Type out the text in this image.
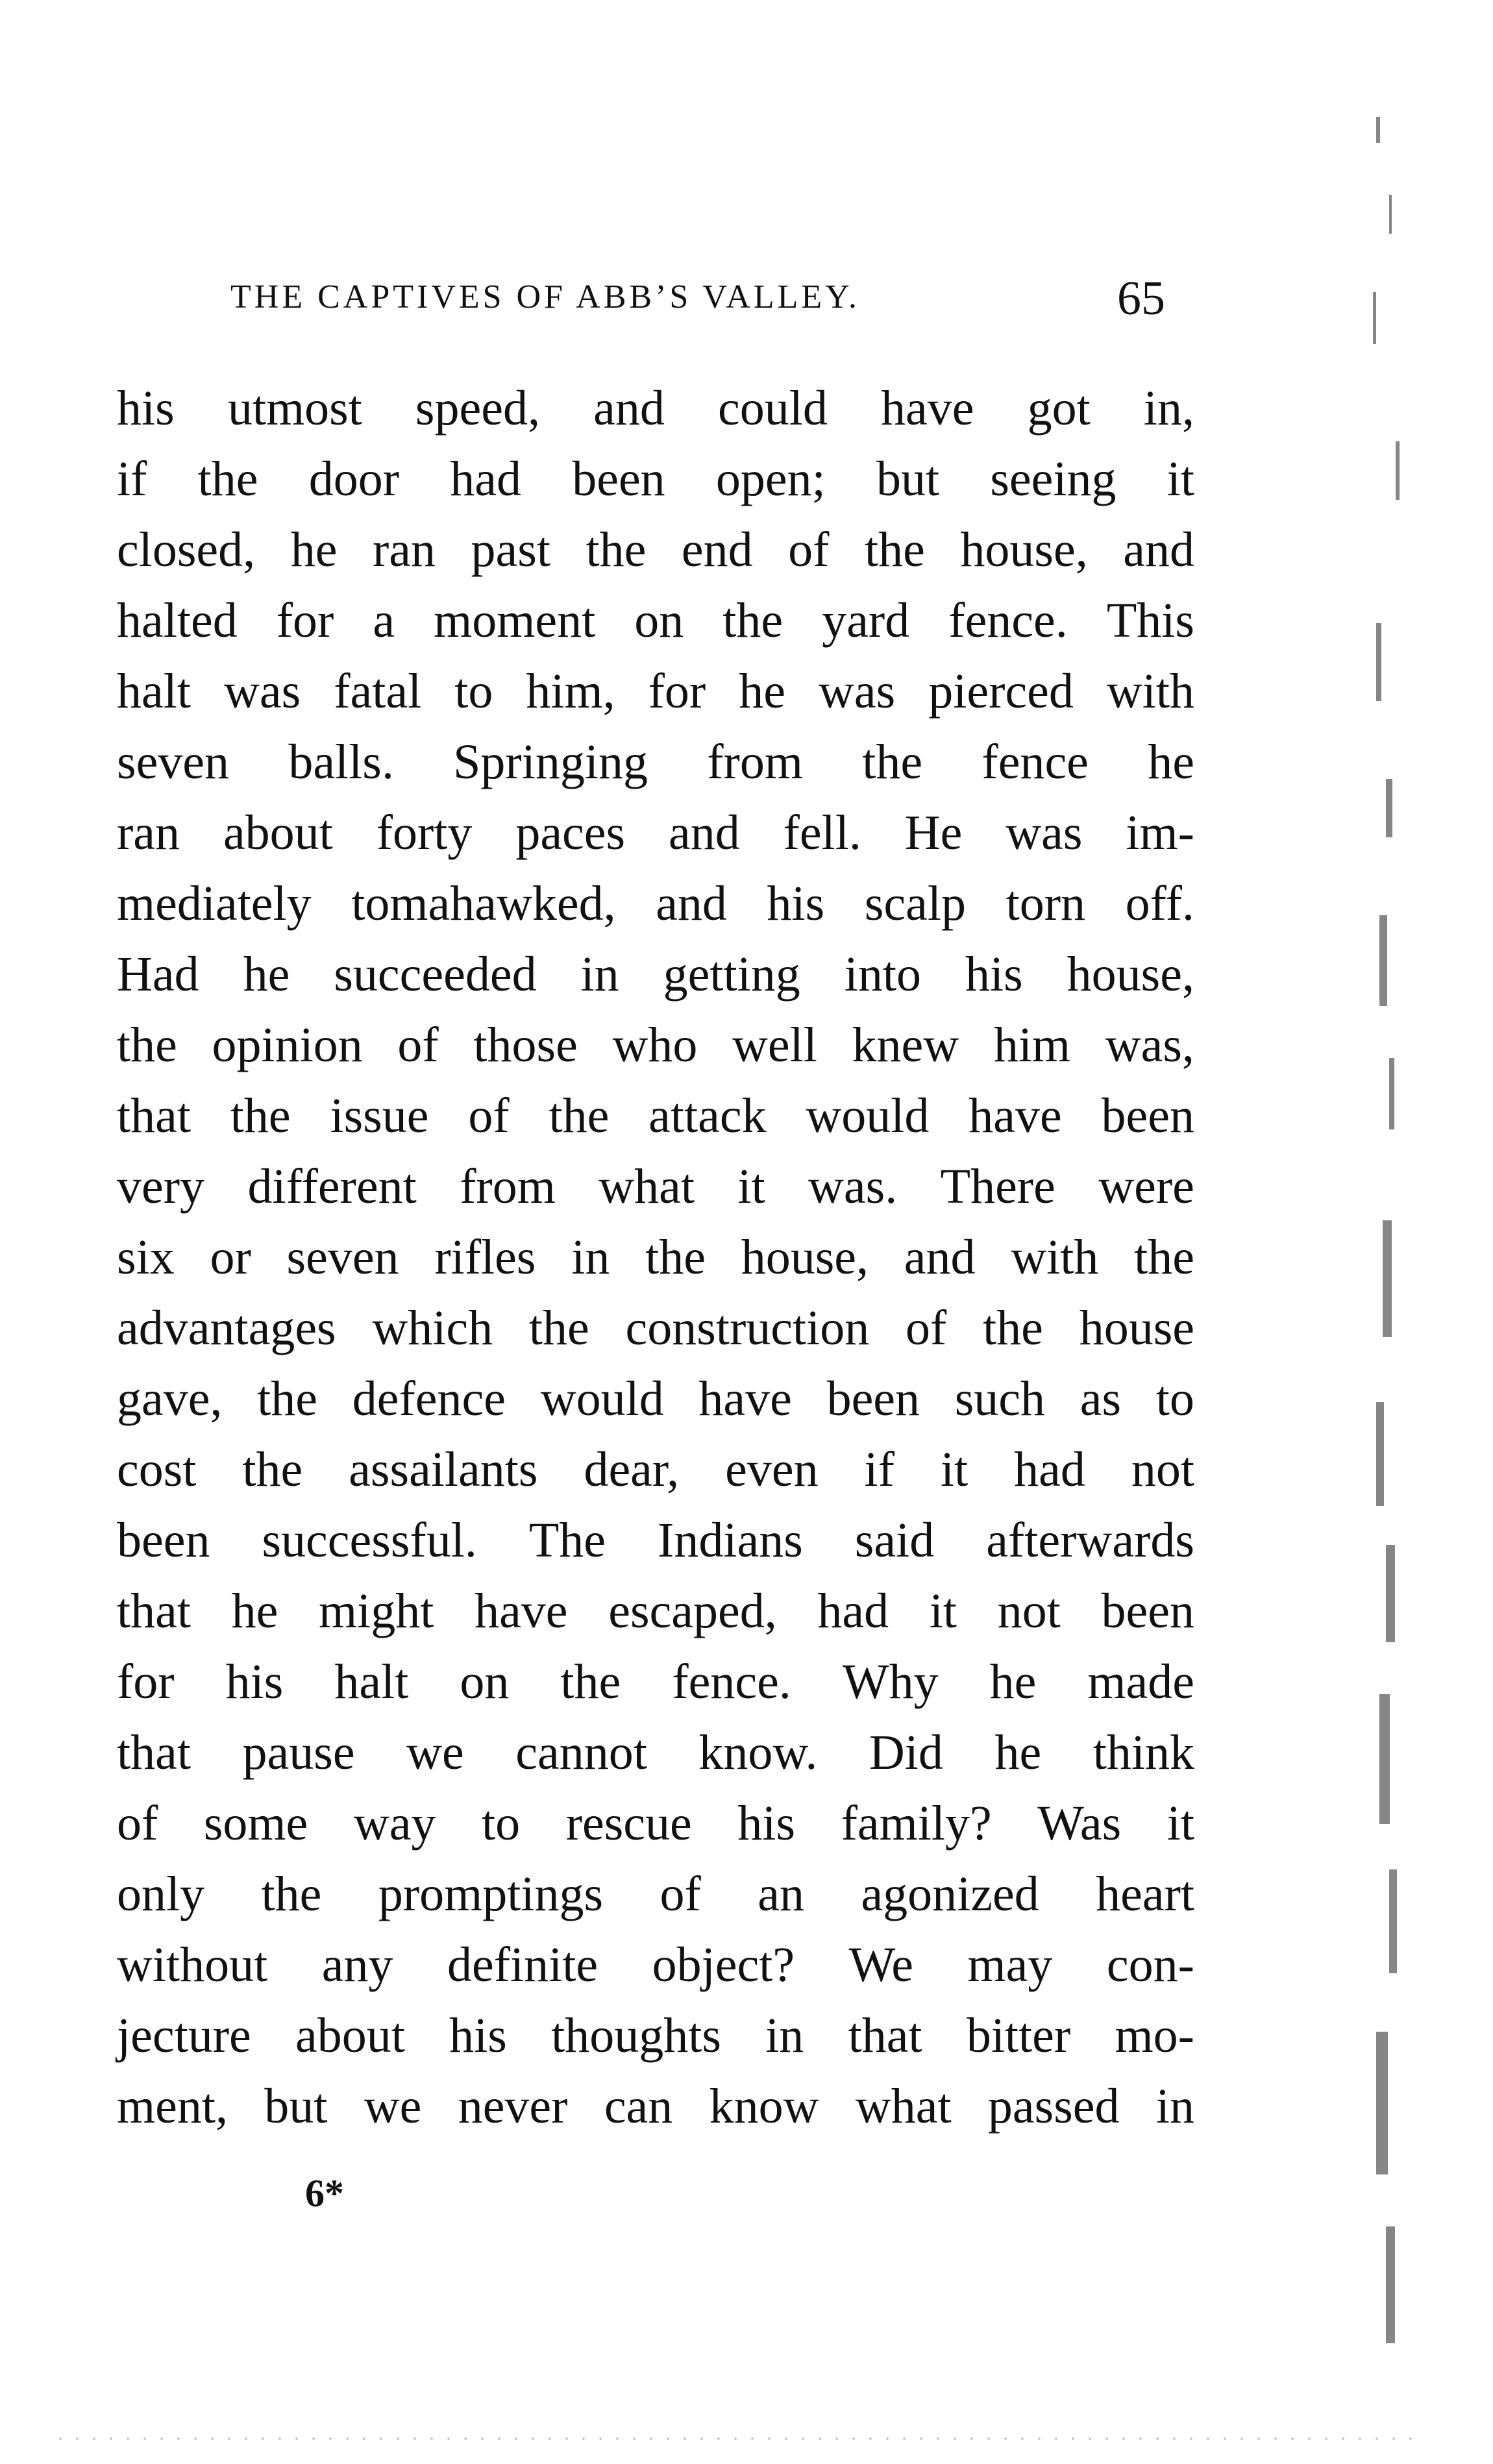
THE CAPTIVES OF ABB’S VALLEY.	65
his utmost speed, and could have got in,
if the door had been open; but seeing it
closed, he ran past the end of the house, and
halted for a moment on the yard fence. This
halt was fatal to him, for he was pierced with
seven balls. Springing from the fence he
ran about forty paces and fell. He was im-
mediately tomahawked, and his scalp torn off.
Had he succeeded in getting into his house,
the opinion of those who well knew him was,
that the issue of the attack would have been
very different from what it was. There were
six or seven rifles in the house, and with the
advantages which the construction of the house
gave, the defence would have been such as to
cost the assailants dear, even if it had not
been successful. The Indians said afterwards
that he might have escaped, had it not been
for his halt on the fence. Why he made
that pause we cannot know. Did he think
of some way to rescue his family? Was it
only the promptings of an agonized heart
without any definite object? We may con-
jecture about his thoughts in that bitter mo-
ment, but we never can know what passed in
6*
